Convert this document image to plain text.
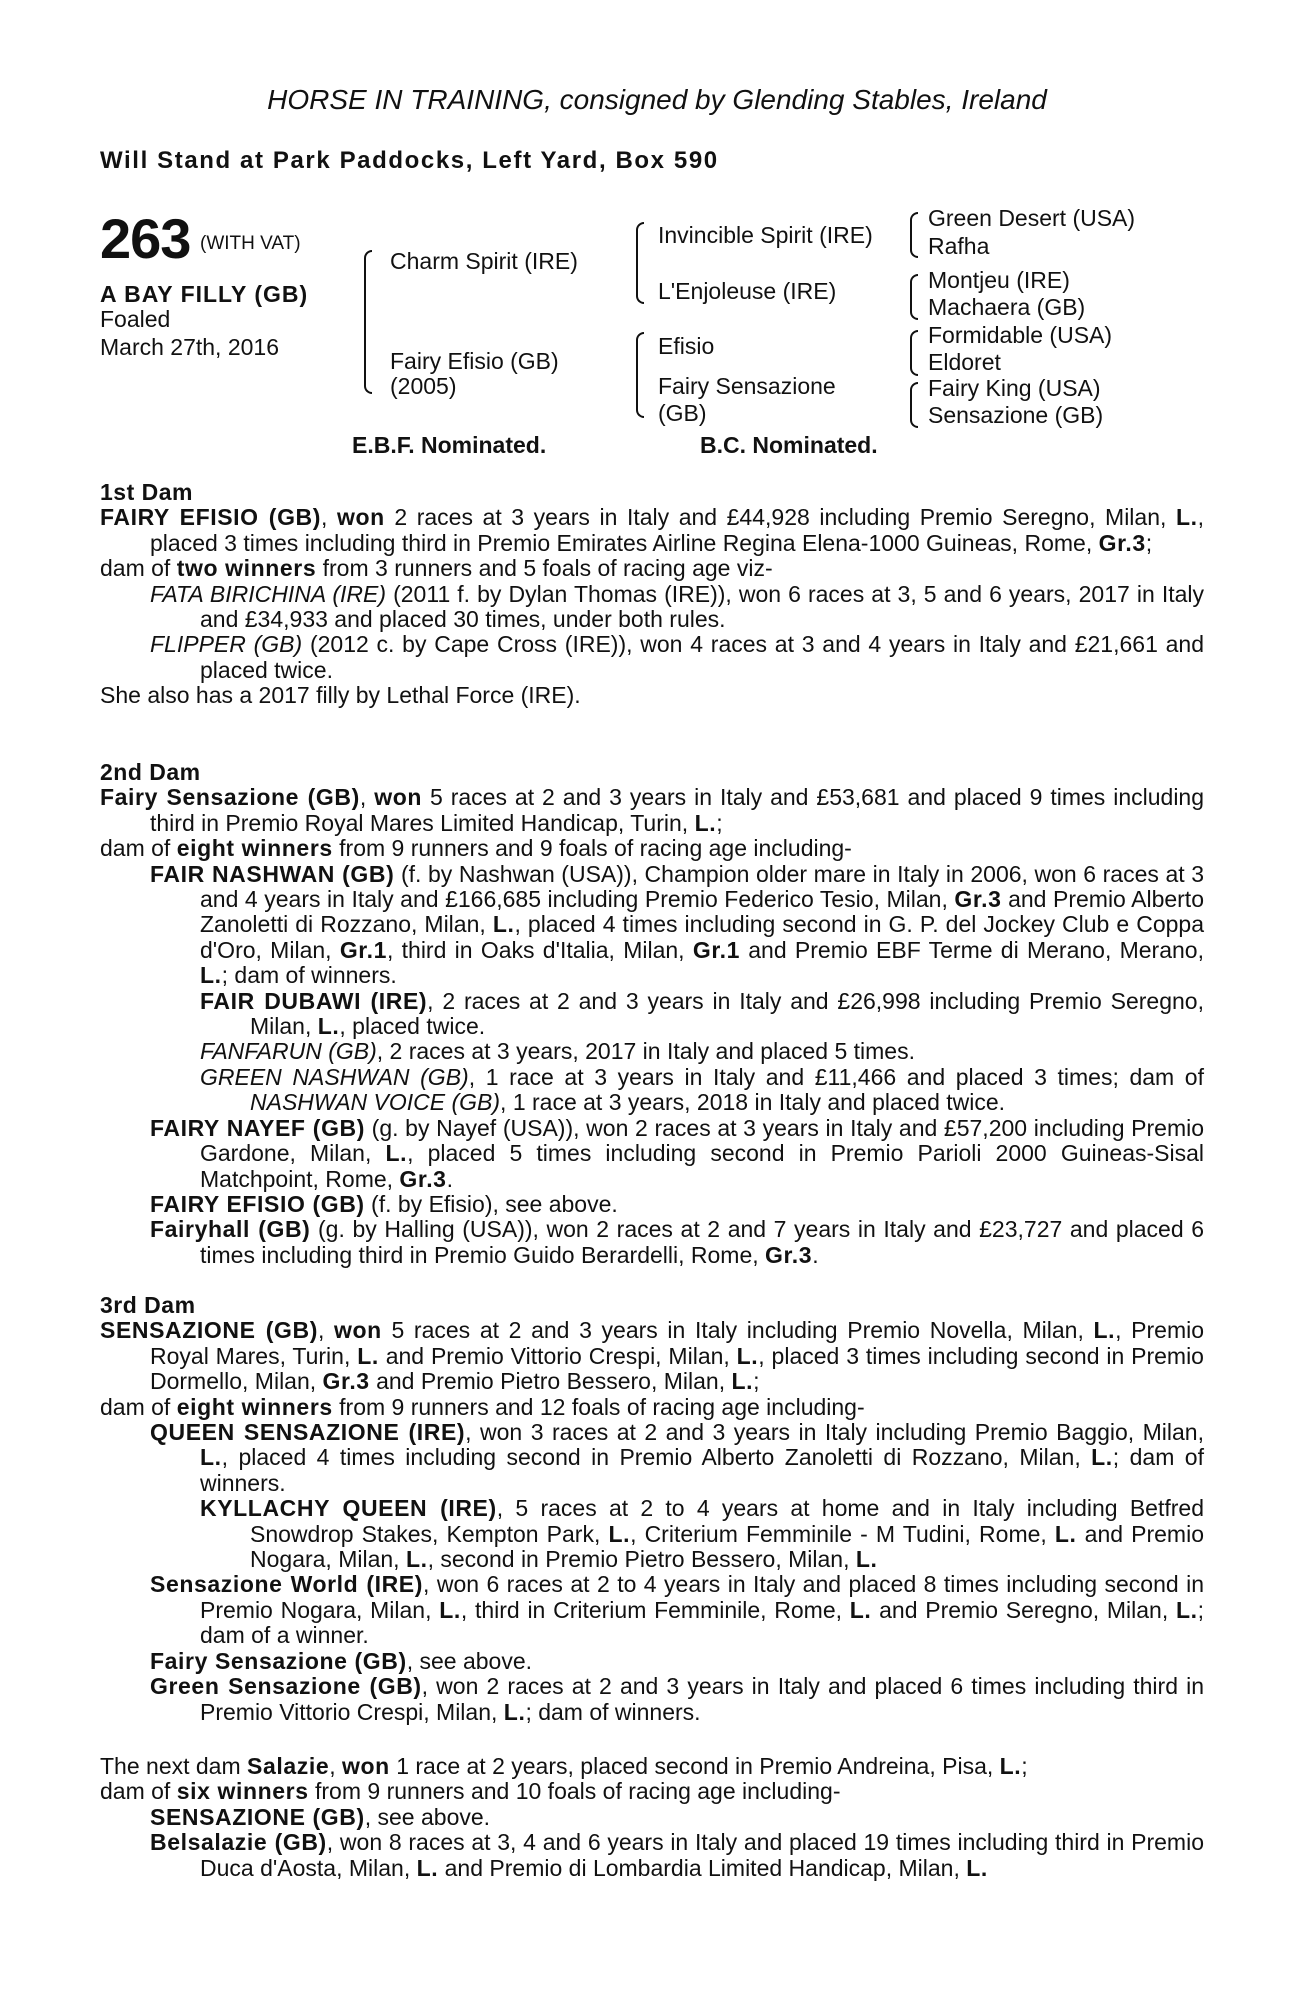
HORSE IN TRAINING, consigned by Glending Stables, Ireland
Will Stand at Park Paddocks, Left Yard, Box 590
263 (WITH VAT)
A BAY FILLY (GB)
Foaled
March 27th, 2016
Charm Spirit (IRE)
Fairy Efisio (GB)
(2005)
Invincible Spirit (IRE)
L'Enjoleuse (IRE)
Efisio
Fairy Sensazione
(GB)
Green Desert (USA)
Rafha
Montjeu (IRE)
Machaera (GB)
Formidable (USA)
Eldoret
Fairy King (USA)
Sensazione (GB)
E.B.F. Nominated.	B.C. Nominated.

1st Dam

FAIRY EFISIO (GB), won 2 races at 3 years in Italy and £44,928 including Premio Seregno, Milan, L., placed 3 times including third in Premio Emirates Airline Regina Elena-1000 Guineas, Rome, Gr.3;

dam of two winners from 3 runners and 5 foals of racing age viz-

FATA BIRICHINA (IRE) (2011 f. by Dylan Thomas (IRE)), won 6 races at 3, 5 and 6 years, 2017 in Italy and £34,933 and placed 30 times, under both rules.

FLIPPER (GB) (2012 c. by Cape Cross (IRE)), won 4 races at 3 and 4 years in Italy and £21,661 and placed twice.

She also has a 2017 filly by Lethal Force (IRE).

2nd Dam

Fairy Sensazione (GB), won 5 races at 2 and 3 years in Italy and £53,681 and placed 9 times including third in Premio Royal Mares Limited Handicap, Turin, L.;

dam of eight winners from 9 runners and 9 foals of racing age including-

FAIR NASHWAN (GB) (f. by Nashwan (USA)), Champion older mare in Italy in 2006, won 6 races at 3 and 4 years in Italy and £166,685 including Premio Federico Tesio, Milan, Gr.3 and Premio Alberto Zanoletti di Rozzano, Milan, L., placed 4 times including second in G. P. del Jockey Club e Coppa d'Oro, Milan, Gr.1, third in Oaks d'Italia, Milan, Gr.1 and Premio EBF Terme di Merano, Merano, L.; dam of winners.

FAIR DUBAWI (IRE), 2 races at 2 and 3 years in Italy and £26,998 including Premio Seregno, Milan, L., placed twice.

FANFARUN (GB), 2 races at 3 years, 2017 in Italy and placed 5 times.

GREEN NASHWAN (GB), 1 race at 3 years in Italy and £11,466 and placed 3 times; dam of NASHWAN VOICE (GB), 1 race at 3 years, 2018 in Italy and placed twice.

FAIRY NAYEF (GB) (g. by Nayef (USA)), won 2 races at 3 years in Italy and £57,200 including Premio Gardone, Milan, L., placed 5 times including second in Premio Parioli 2000 Guineas-Sisal Matchpoint, Rome, Gr.3.

FAIRY EFISIO (GB) (f. by Efisio), see above.

Fairyhall (GB) (g. by Halling (USA)), won 2 races at 2 and 7 years in Italy and £23,727 and placed 6 times including third in Premio Guido Berardelli, Rome, Gr.3.

3rd Dam

SENSAZIONE (GB), won 5 races at 2 and 3 years in Italy including Premio Novella, Milan, L., Premio Royal Mares, Turin, L. and Premio Vittorio Crespi, Milan, L., placed 3 times including second in Premio Dormello, Milan, Gr.3 and Premio Pietro Bessero, Milan, L.;

dam of eight winners from 9 runners and 12 foals of racing age including-

QUEEN SENSAZIONE (IRE), won 3 races at 2 and 3 years in Italy including Premio Baggio, Milan, L., placed 4 times including second in Premio Alberto Zanoletti di Rozzano, Milan, L.; dam of winners.

KYLLACHY QUEEN (IRE), 5 races at 2 to 4 years at home and in Italy including Betfred Snowdrop Stakes, Kempton Park, L., Criterium Femminile - M Tudini, Rome, L. and Premio Nogara, Milan, L., second in Premio Pietro Bessero, Milan, L.

Sensazione World (IRE), won 6 races at 2 to 4 years in Italy and placed 8 times including second in Premio Nogara, Milan, L., third in Criterium Femminile, Rome, L. and Premio Seregno, Milan, L.; dam of a winner.

Fairy Sensazione (GB), see above.

Green Sensazione (GB), won 2 races at 2 and 3 years in Italy and placed 6 times including third in Premio Vittorio Crespi, Milan, L.; dam of winners.

The next dam Salazie, won 1 race at 2 years, placed second in Premio Andreina, Pisa, L.;

dam of six winners from 9 runners and 10 foals of racing age including-

SENSAZIONE (GB), see above.

Belsalazie (GB), won 8 races at 3, 4 and 6 years in Italy and placed 19 times including third in Premio Duca d'Aosta, Milan, L. and Premio di Lombardia Limited Handicap, Milan, L.
